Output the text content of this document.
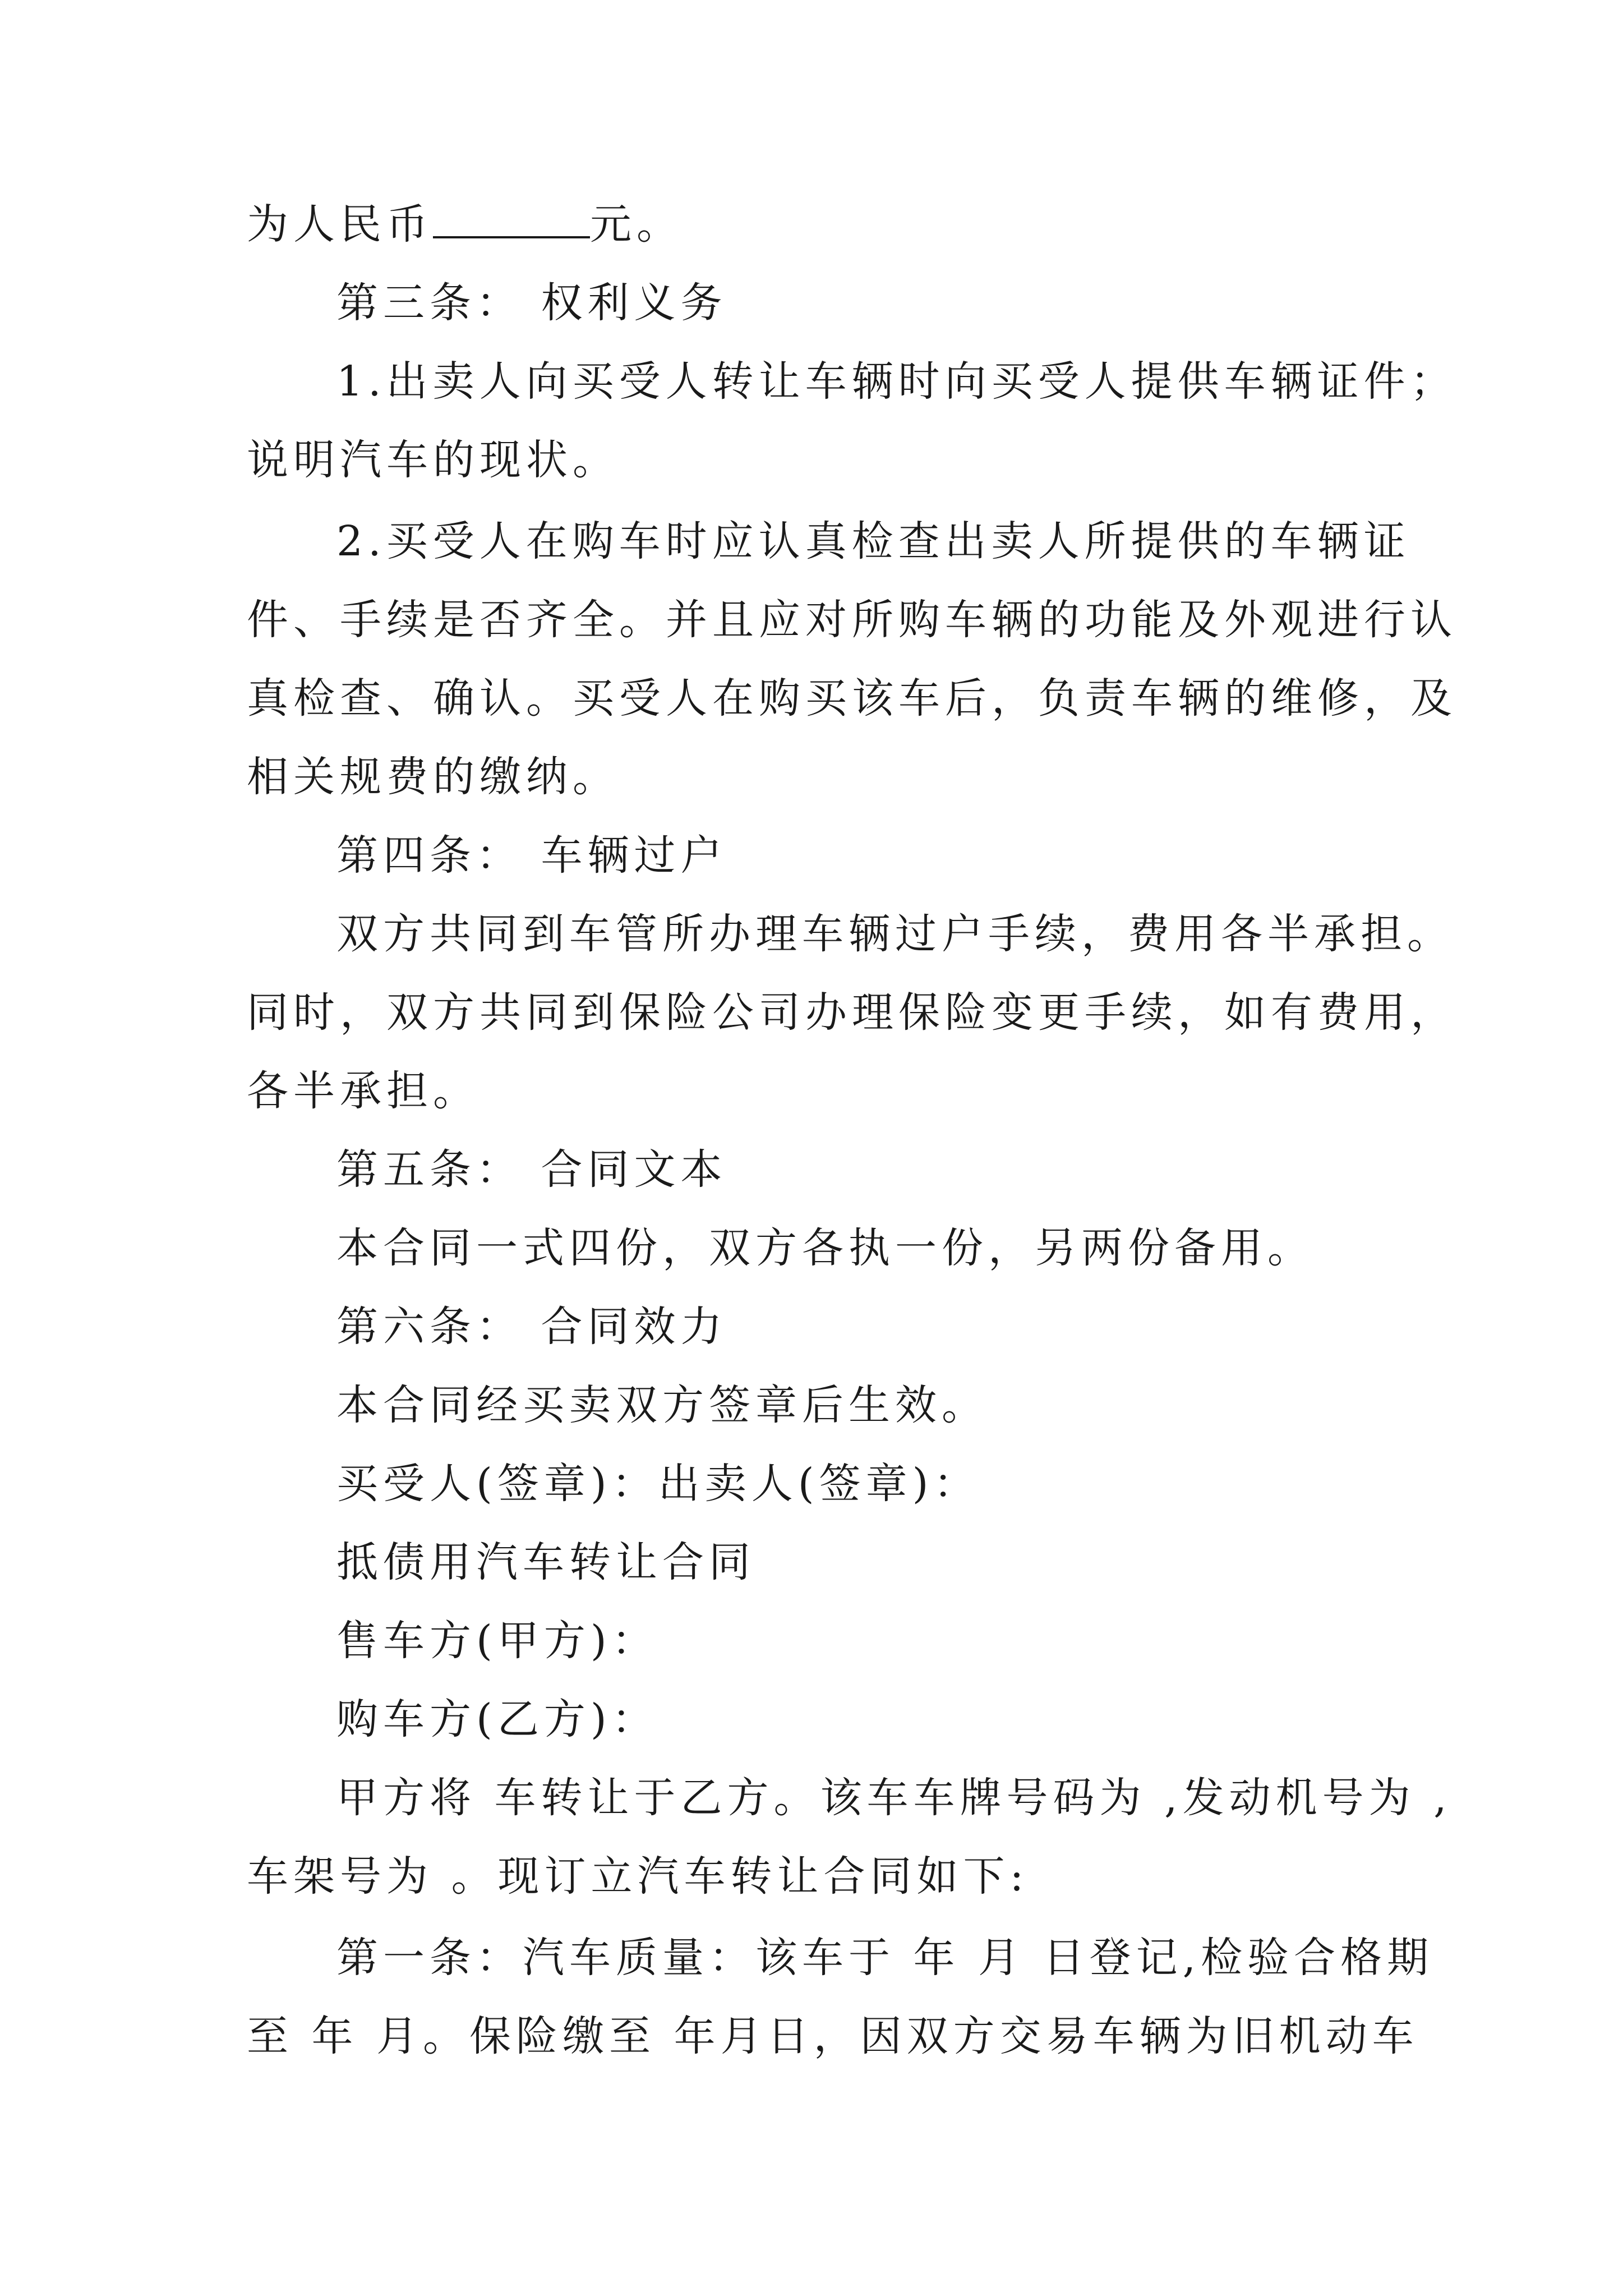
为人民币	元。
第三条： 权利义务
1.出卖人向买受人转让车辆时向买受人提供车辆证件；
说明汽车的现状。
2.买受人在购车时应认真检查出卖人所提供的车辆证
件、手续是否齐全。并且应对所购车辆的功能及外观进行认
真检查、确认。买受人在购买该车后，负责车辆的维修，及
相关规费的缴纳。
第四条： 车辆过户
双方共同到车管所办理车辆过户手续，费用各半承担。
同时，双方共同到保险公司办理保险变更手续，如有费用，
各半承担。
第五条： 合同文本
本合同一式四份，双方各执一份，另两份备用。
第六条： 合同效力
本合同经买卖双方签章后生效。
买受人(签章)：出卖人(签章)：
抵债用汽车转让合同
售车方(甲方)：
购车方(乙方)：
甲方将 车转让于乙方。该车车牌号码为 ,发动机号为 ,
车架号为 。现订立汽车转让合同如下:
第一条：汽车质量：该车于 年 月 日登记,检验合格期
至 年 月。保险缴至 年月日，因双方交易车辆为旧机动车
